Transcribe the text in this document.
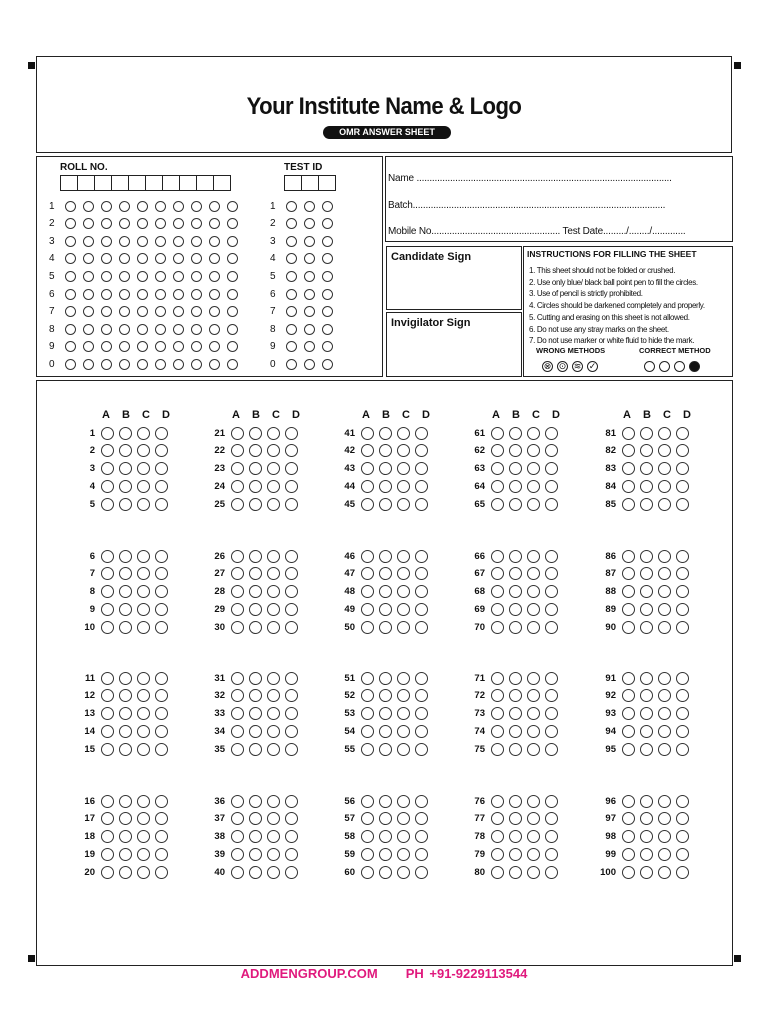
Your Institute Name & Logo
OMR ANSWER SHEET
ROLL NO.	TEST ID
1
2
3
4
5
6
7
8
9
0
1
2
3
4
5
6
7
8
9
0
Name ...................................................................................................
Batch..................................................................................................
Mobile No.................................................. Test Date........./......../.............
Candidate Sign
Invigilator Sign
INSTRUCTIONS FOR FILLING THE SHEET
1. This sheet should not be folded or crushed.
2. Use only blue/ black ball point pen to fill the circles.
3. Use of pencil is strictly prohibited.
4. Circles should be darkened completely and properly.
5. Cutting and erasing on this sheet is not allowed.
6. Do not use any stray marks on the sheet.
7. Do not use marker or white fluid to hide the mark.
WRONG METHODS	CORRECT METHOD
⊗ ⊙ ≋ ✓
A	B	C	D
1
2
3
4
5
6
7
8
9
10
11
12
13
14
15
16
17
18
19
20
A	B	C	D
21
22
23
24
25
26
27
28
29
30
31
32
33
34
35
36
37
38
39
40
A	B	C	D
41
42
43
44
45
46
47
48
49
50
51
52
53
54
55
56
57
58
59
60
A	B	C	D
61
62
63
64
65
66
67
68
69
70
71
72
73
74
75
76
77
78
79
80
A	B	C	D
81
82
83
84
85
86
87
88
89
90
91
92
93
94
95
96
97
98
99
100
ADDMENGROUP.COM     PH +91-9229113544
